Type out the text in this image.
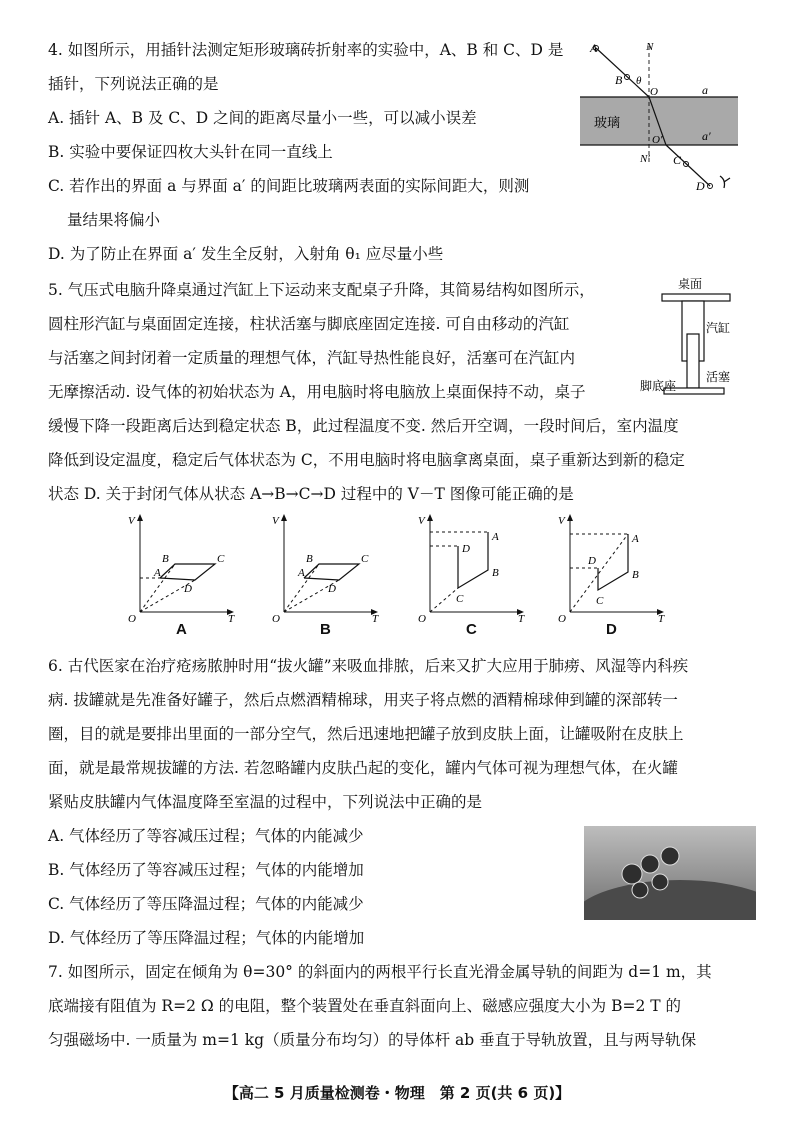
4. 如图所示，用插针法测定矩形玻璃砖折射率的实验中，A、B 和 C、D 是
插针，下列说法正确的是
A. 插针 A、B 及 C、D 之间的距离尽量小一些，可以减小误差
B. 实验中要保证四枚大头针在同一直线上
C. 若作出的界面 a 与界面 a′ 的间距比玻璃两表面的实际间距大，则测
量结果将偏小
D. 为了防止在界面 a′ 发生全反射，入射角 θ₁ 应尽量小些
A
B
C
D
N
N′
O
O′
θ
a
a′
玻璃
5. 气压式电脑升降桌通过汽缸上下运动来支配桌子升降，其简易结构如图所示，
圆柱形汽缸与桌面固定连接，柱状活塞与脚底座固定连接. 可自由移动的汽缸
与活塞之间封闭着一定质量的理想气体，汽缸导热性能良好，活塞可在汽缸内
无摩擦活动. 设气体的初始状态为 A，用电脑时将电脑放上桌面保持不动，桌子
缓慢下降一段距离后达到稳定状态 B，此过程温度不变. 然后开空调，一段时间后，室内温度
降低到设定温度，稳定后气体状态为 C，不用电脑时将电脑拿离桌面，桌子重新达到新的稳定
状态 D. 关于封闭气体从状态 A→B→C→D 过程中的 V－T 图像可能正确的是
桌面
汽缸
活塞
脚底座
V
T
O
A
B	C
D
A
V
T
O
A
B	C
D
B
V
T
O
A
B
C
D
C
V
T
O
A
B
C
D
D
6. 古代医家在治疗疮疡脓肿时用“拔火罐”来吸血排脓，后来又扩大应用于肺痨、风湿等内科疾
病. 拔罐就是先准备好罐子，然后点燃酒精棉球，用夹子将点燃的酒精棉球伸到罐的深部转一
圈，目的就是要排出里面的一部分空气，然后迅速地把罐子放到皮肤上面，让罐吸附在皮肤上
面，就是最常规拔罐的方法. 若忽略罐内皮肤凸起的变化，罐内气体可视为理想气体，在火罐
紧贴皮肤罐内气体温度降至室温的过程中，下列说法中正确的是
A. 气体经历了等容减压过程；气体的内能减少
B. 气体经历了等容减压过程；气体的内能增加
C. 气体经历了等压降温过程；气体的内能减少
D. 气体经历了等压降温过程；气体的内能增加
7. 如图所示，固定在倾角为 θ=30° 的斜面内的两根平行长直光滑金属导轨的间距为 d=1 m，其
底端接有阻值为 R=2 Ω 的电阻，整个装置处在垂直斜面向上、磁感应强度大小为 B=2 T 的
匀强磁场中. 一质量为 m=1 kg（质量分布均匀）的导体杆 ab 垂直于导轨放置，且与两导轨保
【高二 5 月质量检测卷・物理　第 2 页(共 6 页)】
